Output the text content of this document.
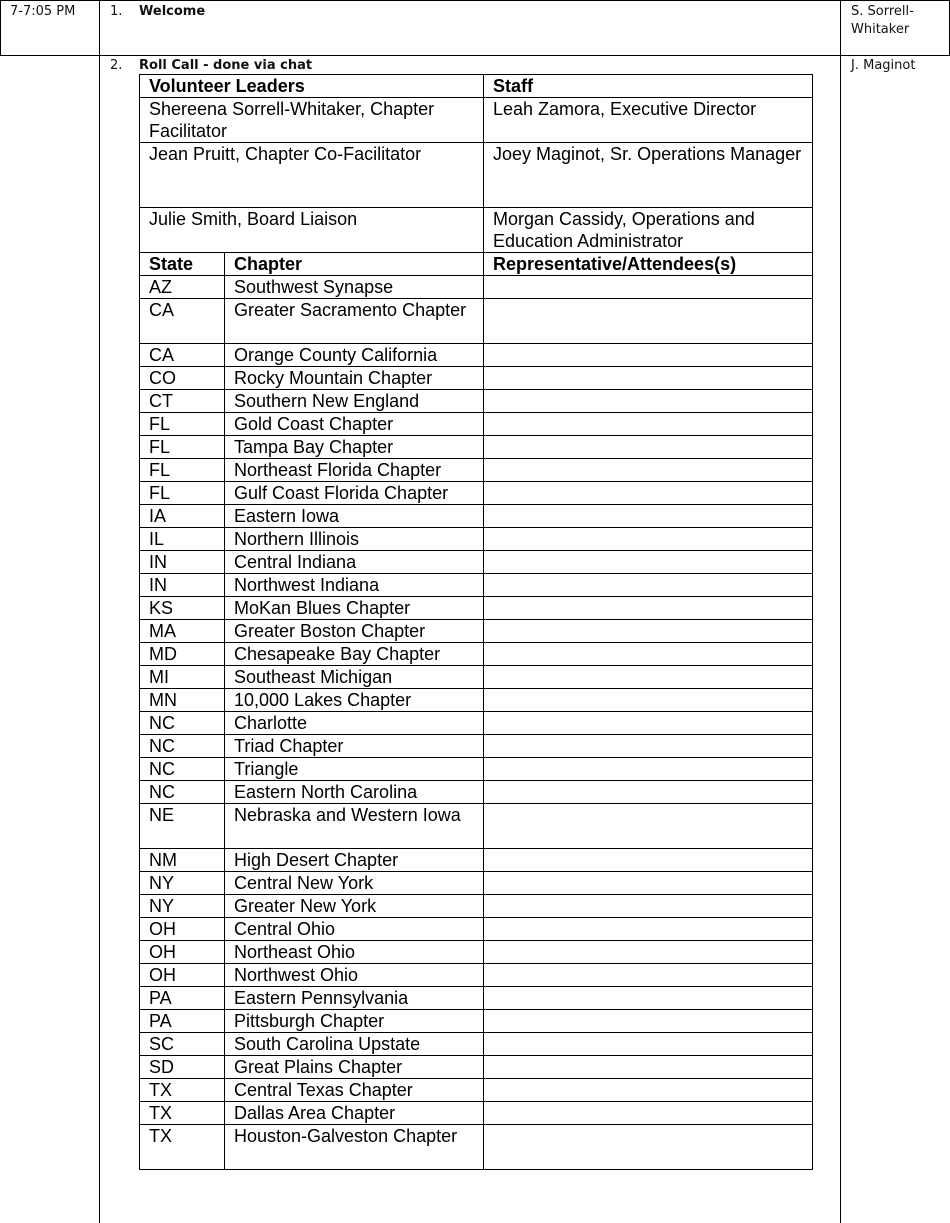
7-7:05 PM	1. Welcome	S. Sorrell-
Whitaker
2. Roll Call - done via chat	J. Maginot
Volunteer Leaders		Staff
Shereena Sorrell-Whitaker, Chapter Facilitator		Leah Zamora, Executive Director
Jean Pruitt, Chapter Co-Facilitator		Joey Maginot, Sr. Operations Manager
Julie Smith, Board Liaison		Morgan Cassidy, Operations and Education Administrator
State	Chapter	Representative/Attendees(s)
AZ	Southwest Synapse	
CA	Greater Sacramento Chapter	
CA	Orange County California	
CO	Rocky Mountain Chapter	
CT	Southern New England	
FL	Gold Coast Chapter	
FL	Tampa Bay Chapter	
FL	Northeast Florida Chapter	
FL	Gulf Coast Florida Chapter	
IA	Eastern Iowa	
IL	Northern Illinois	
IN	Central Indiana	
IN	Northwest Indiana	
KS	MoKan Blues Chapter	
MA	Greater Boston Chapter	
MD	Chesapeake Bay Chapter	
MI	Southeast Michigan	
MN	10,000 Lakes Chapter	
NC	Charlotte	
NC	Triad Chapter	
NC	Triangle	
NC	Eastern North Carolina	
NE	Nebraska and Western Iowa	
NM	High Desert Chapter	
NY	Central New York	
NY	Greater New York	
OH	Central Ohio	
OH	Northeast Ohio	
OH	Northwest Ohio	
PA	Eastern Pennsylvania	
PA	Pittsburgh Chapter	
SC	South Carolina Upstate	
SD	Great Plains Chapter	
TX	Central Texas Chapter	
TX	Dallas Area Chapter	
TX	Houston-Galveston Chapter	
